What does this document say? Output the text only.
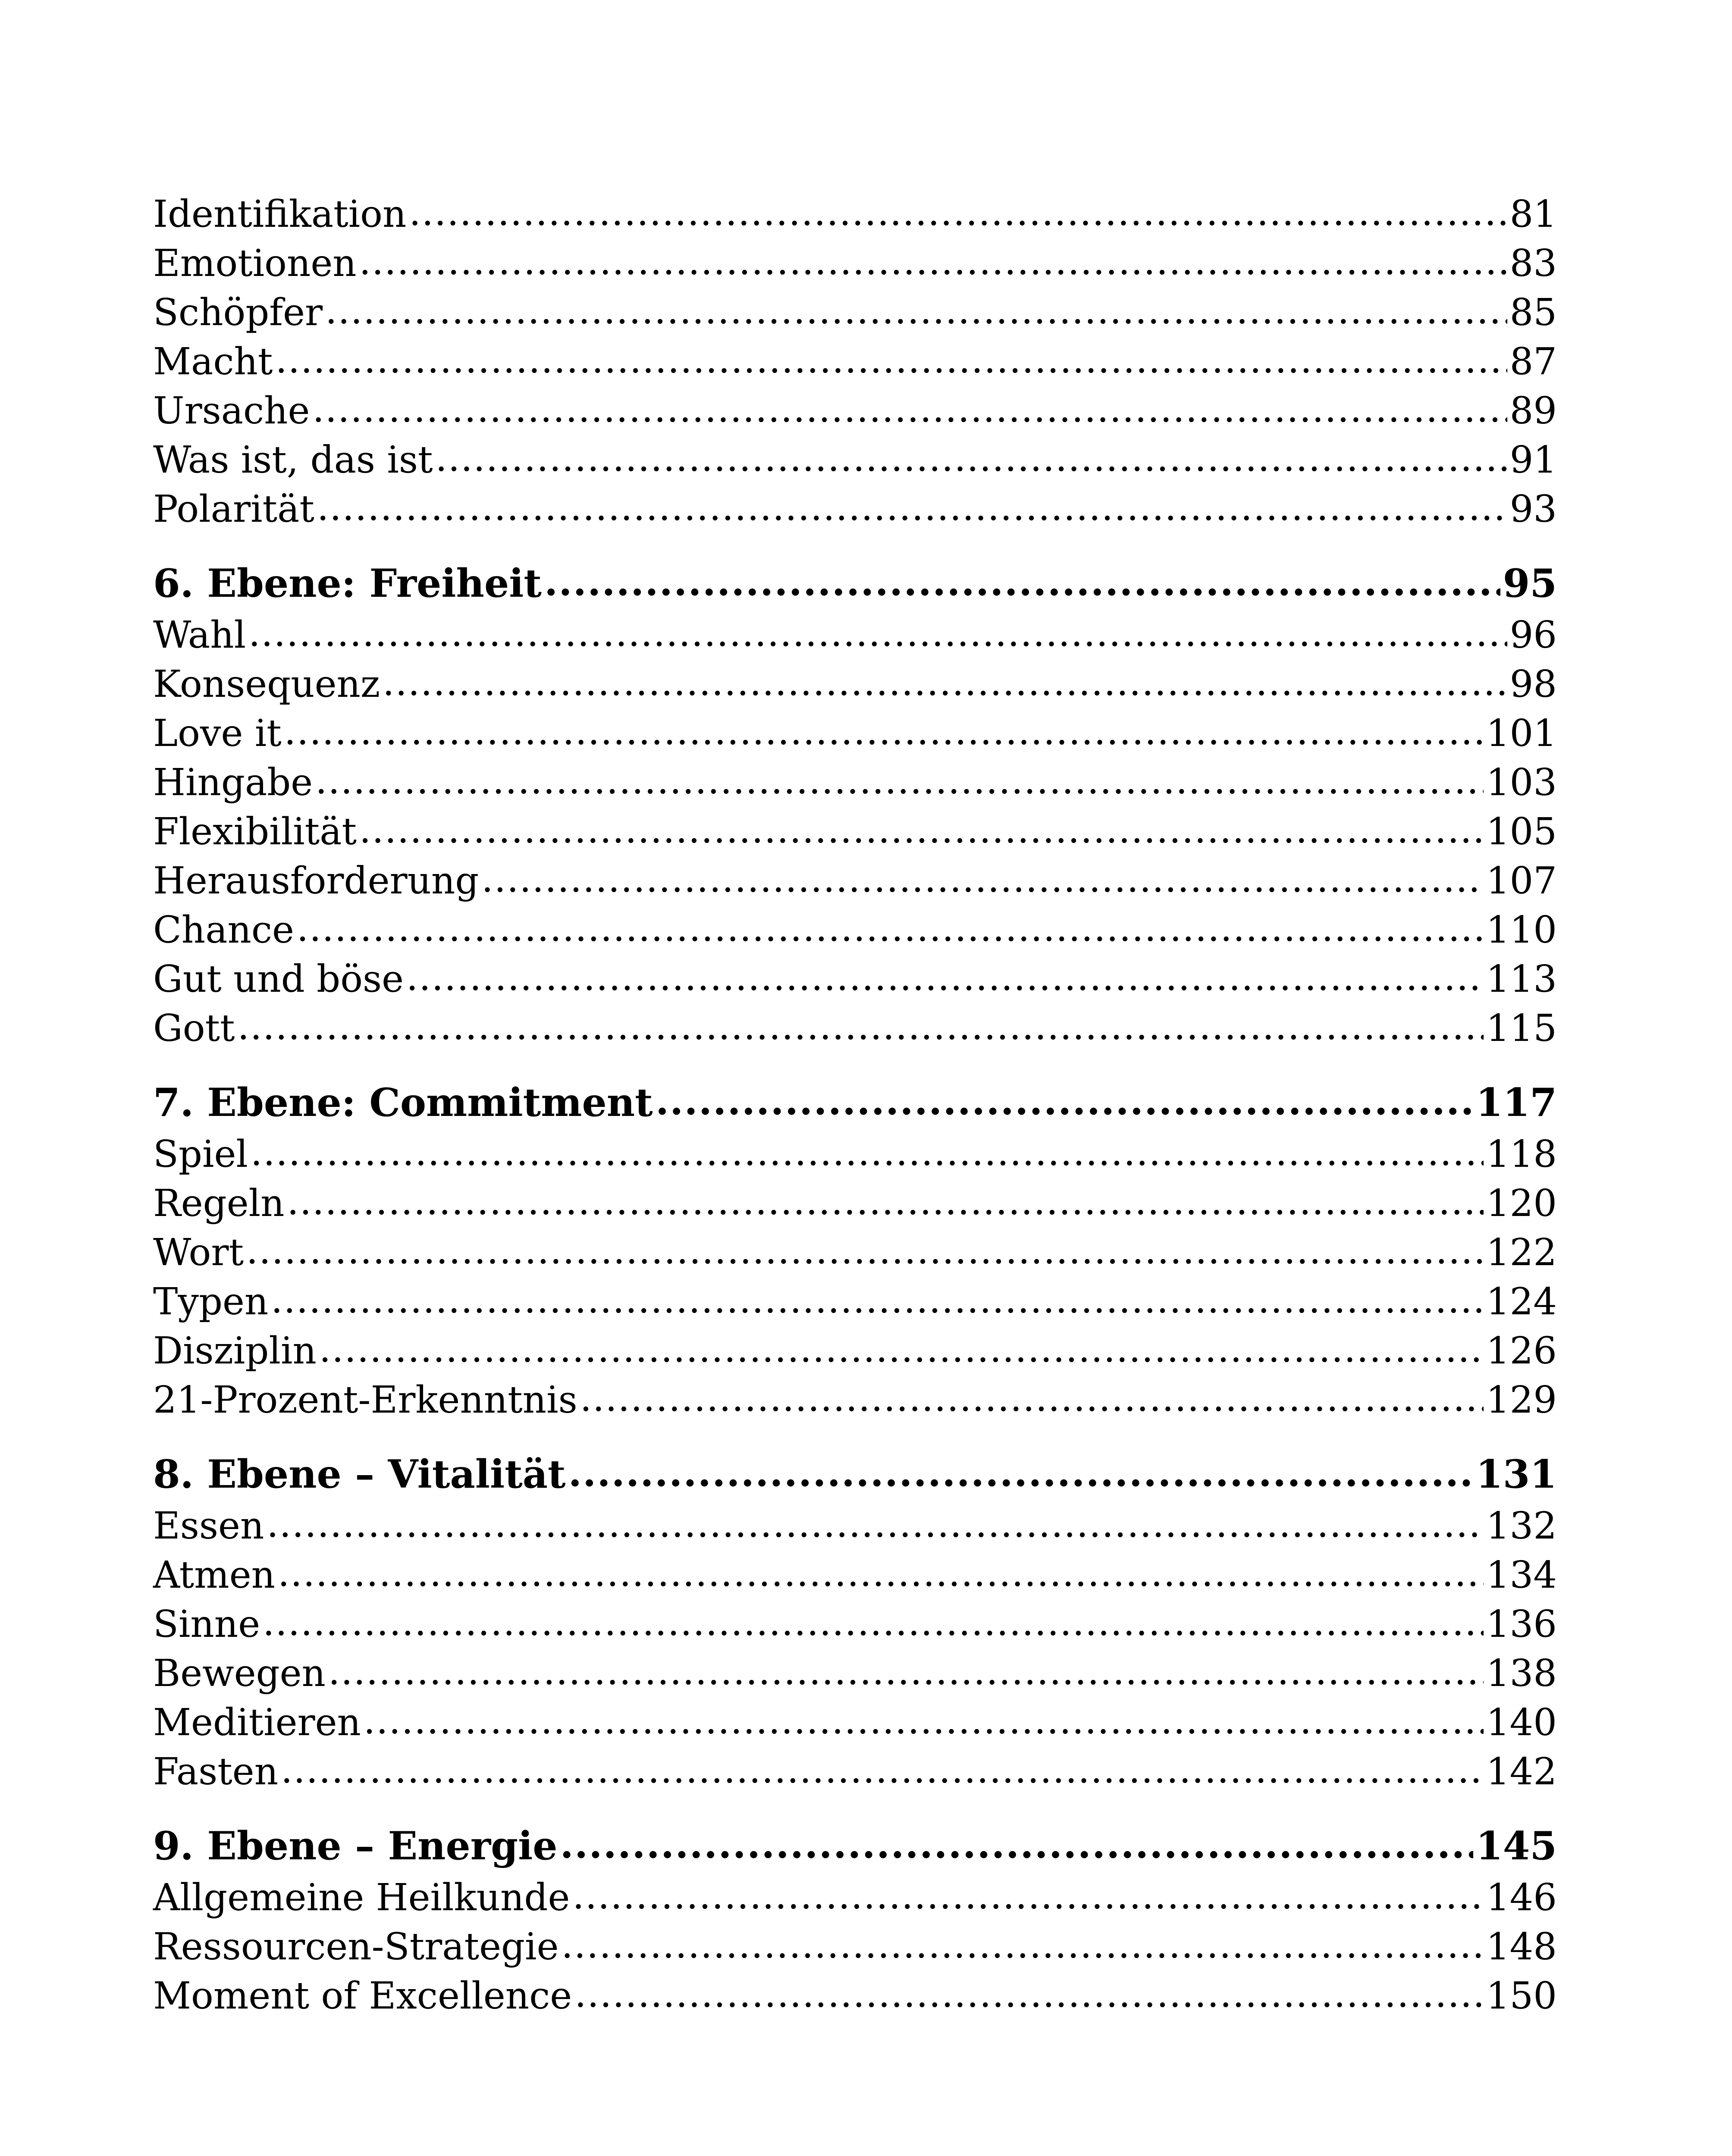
Identifikation .....	81
Emotionen .....	83
Schöpfer .....	85
Macht .....	87
Ursache .....	89
Was ist, das ist .....	91
Polarität .....	93
6. Ebene: Freiheit .....	95
Wahl .....	96
Konsequenz .....	98
Love it .....	101
Hingabe .....	103
Flexibilität .....	105
Herausforderung .....	107
Chance .....	110
Gut und böse .....	113
Gott .....	115
7. Ebene: Commitment .....	117
Spiel .....	118
Regeln .....	120
Wort .....	122
Typen .....	124
Disziplin .....	126
21-Prozent-Erkenntnis .....	129
8. Ebene – Vitalität .....	131
Essen .....	132
Atmen .....	134
Sinne .....	136
Bewegen .....	138
Meditieren .....	140
Fasten .....	142
9. Ebene – Energie .....	145
Allgemeine Heilkunde .....	146
Ressourcen-Strategie .....	148
Moment of Excellence .....	150
